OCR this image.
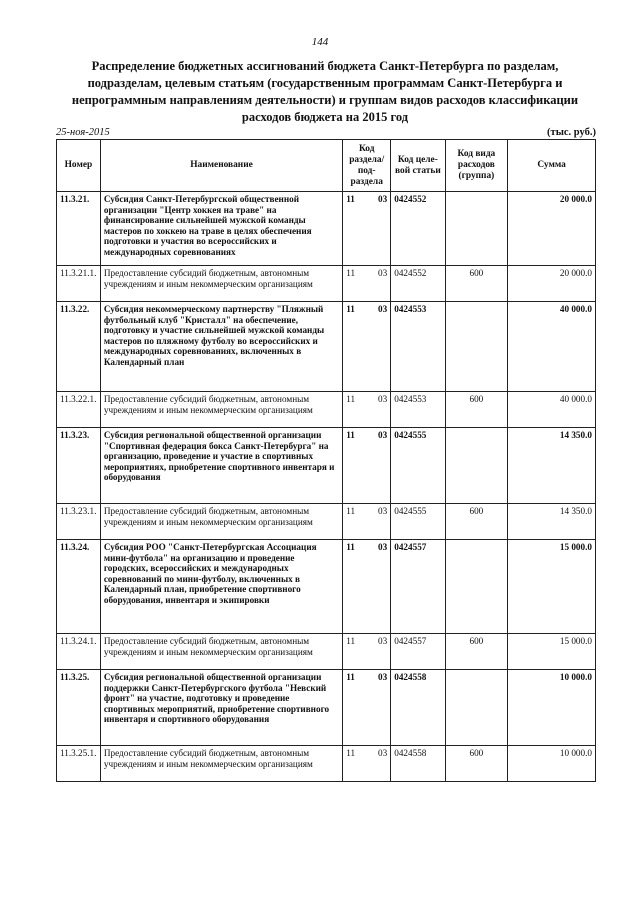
144
Распределение бюджетных ассигнований бюджета Санкт-Петербурга по разделам, подразделам, целевым статьям (государственным программам Санкт-Петербурга и непрограммным направлениям деятельности) и группам видов расходов классификации расходов бюджета на 2015 год
25-ноя-2015	(тыс. руб.)
Номер	Наименование	Код раздела/ под-раздела	Код целе-вой статьи	Код вида расходов (группа)	Сумма
11.3.21.	Субсидия Санкт-Петербургской общественной организации "Центр хоккея на траве" на финансирование сильнейшей мужской команды мастеров по хоккею на траве в целях обеспечения подготовки и участия во всероссийских и международных соревнованиях	11 03	0424552		20 000.0
11.3.21.1.	Предоставление субсидий бюджетным, автономным учреждениям и иным некоммерческим организациям	11 03	0424552	600	20 000.0
11.3.22.	Субсидия некоммерческому партнерству "Пляжный футбольный клуб "Кристалл" на обеспечение, подготовку и участие сильнейшей мужской команды мастеров по пляжному футболу во всероссийских и международных соревнованиях, включенных в Календарный план	11 03	0424553		40 000.0
11.3.22.1.	Предоставление субсидий бюджетным, автономным учреждениям и иным некоммерческим организациям	11 03	0424553	600	40 000.0
11.3.23.	Субсидия региональной общественной организации "Спортивная федерация бокса Санкт-Петербурга" на организацию, проведение и участие в спортивных мероприятиях, приобретение спортивного инвентаря и оборудования	11 03	0424555		14 350.0
11.3.23.1.	Предоставление субсидий бюджетным, автономным учреждениям и иным некоммерческим организациям	11 03	0424555	600	14 350.0
11.3.24.	Субсидия РОО "Санкт-Петербургская Ассоциация мини-футбола" на организацию и проведение городских, всероссийских и международных соревнований по мини-футболу, включенных в Календарный план, приобретение спортивного оборудования, инвентаря и экипировки	11 03	0424557		15 000.0
11.3.24.1.	Предоставление субсидий бюджетным, автономным учреждениям и иным некоммерческим организациям	11 03	0424557	600	15 000.0
11.3.25.	Субсидия региональной общественной организации поддержки Санкт-Петербургского футбола "Невский фронт" на участие, подготовку и проведение спортивных мероприятий, приобретение спортивного инвентаря и спортивного оборудования	11 03	0424558		10 000.0
11.3.25.1.	Предоставление субсидий бюджетным, автономным учреждениям и иным некоммерческим организациям	11 03	0424558	600	10 000.0
